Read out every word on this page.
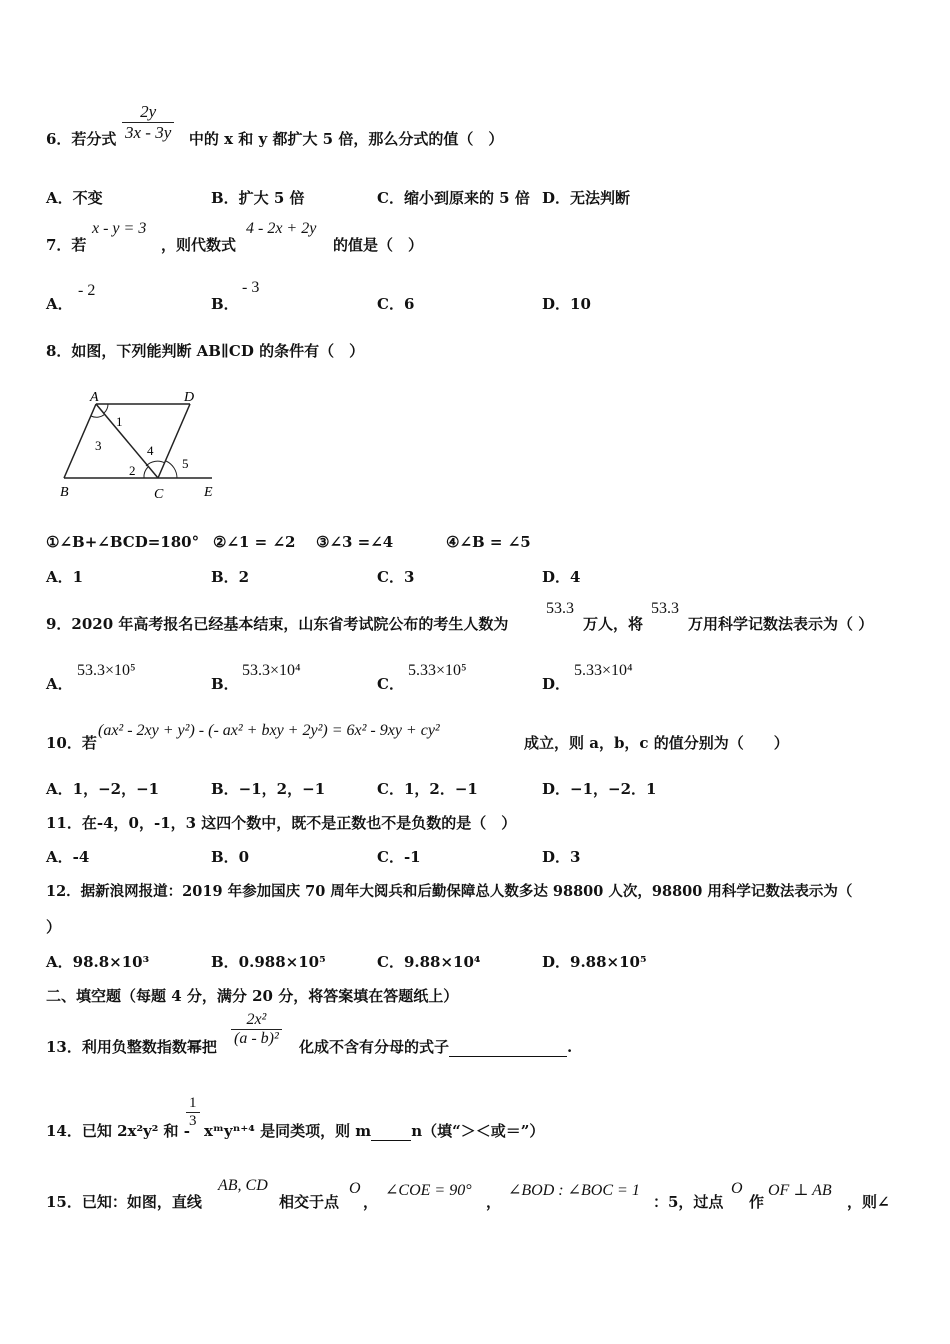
6．若分式	中的 x 和 y 都扩大 5 倍，那么分式的值（　）
$\frac{2y}{3x - 3y}$
A．不变	B．扩大 5 倍	C．缩小到原来的 5 倍 D．无法判断
7．若
x - y = 3
，则代数式
4 - 2x + 2y
的值是（　）
A．
- 2
B．
- 3
C．6	D．10
8．如图，下列能判断 AB∥CD 的条件有（　）
A	D
B	C	E
1
3
2
4
5
①∠B+∠BCD=180° ②∠1 = ∠2 ③∠3 =∠4	④∠B = ∠5
A．1	B．2	C．3	D．4
9．2020 年高考报名已经基本结束，山东省考试院公布的考生人数为
53.3
万人，将
53.3
万用科学记数法表示为（ ）
A．
53.3×10⁵
B．
53.3×10⁴
C．
5.33×10⁵
D．
5.33×10⁴
10．若
(ax² - 2xy + y²) - (- ax² + bxy + 2y²) = 6x² - 9xy + cy²
成立，则 a，b，c 的值分别为（　　）
A．1，−2，−1	B．−1，2，−1	C．1，2．−1	D．−1，−2．1
11．在-4，0，-1，3 这四个数中，既不是正数也不是负数的是（　）
A．-4	B．0	C．-1	D．3
12．据新浪网报道：2019 年参加国庆 70 周年大阅兵和后勤保障总人数多达 98800 人次，98800 用科学记数法表示为（
）
A．98.8×10³	B．0.988×10⁵	C．9.88×10⁴	D．9.88×10⁵
二、填空题（每题 4 分，满分 20 分，将答案填在答题纸上）
13．利用负整数指数幂把 $\frac{\text{2x²}}{\text{(a - b)²}}$ 化成不含有分母的式子	.
14．已知 2x²y² 和 -
$\frac{1}{3}$
xᵐyⁿ⁺⁴ 是同类项，则 m	n（填“＞＜或＝”）
15．已知：如图，直线
AB, CD
相交于点
O
，
∠COE = 90°
，
∠BOD : ∠BOC = 1
：5，过点
O
作
OF ⊥ AB
，则∠
